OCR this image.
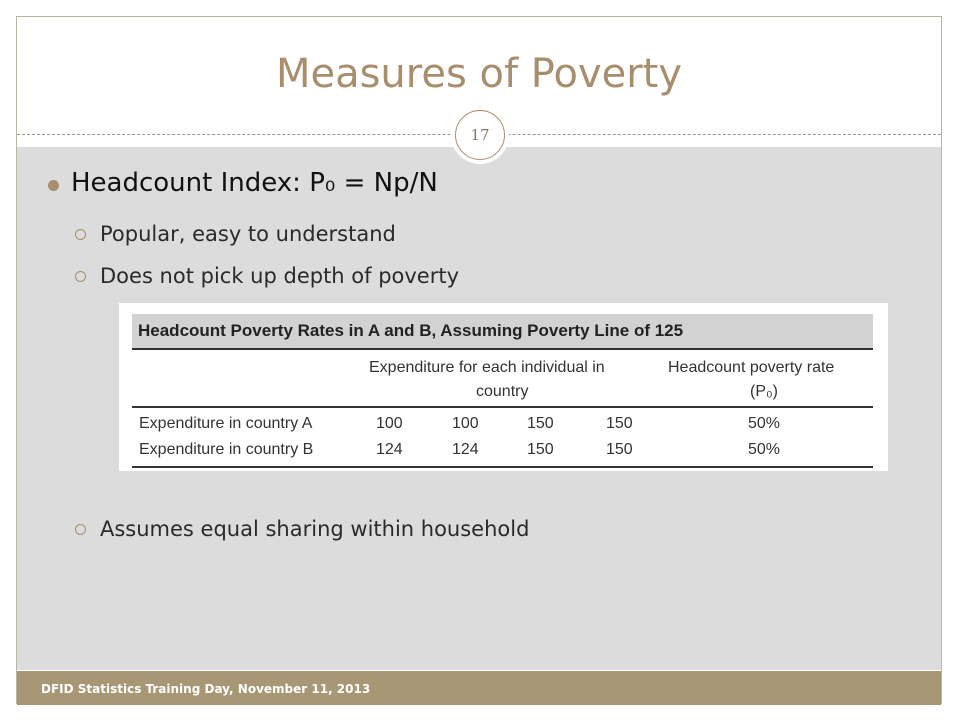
Measures of Poverty
17
Headcount Index: P₀ = Np/N
Popular, easy to understand
Does not pick up depth of poverty
Headcount Poverty Rates in A and B, Assuming Poverty Line of 125
Expenditure for each individual in
country
Headcount poverty rate
(P₀)
Expenditure in country A	100	100	150	150	50%
Expenditure in country B	124	124	150	150	50%
Assumes equal sharing within household
DFID Statistics Training Day, November 11, 2013
